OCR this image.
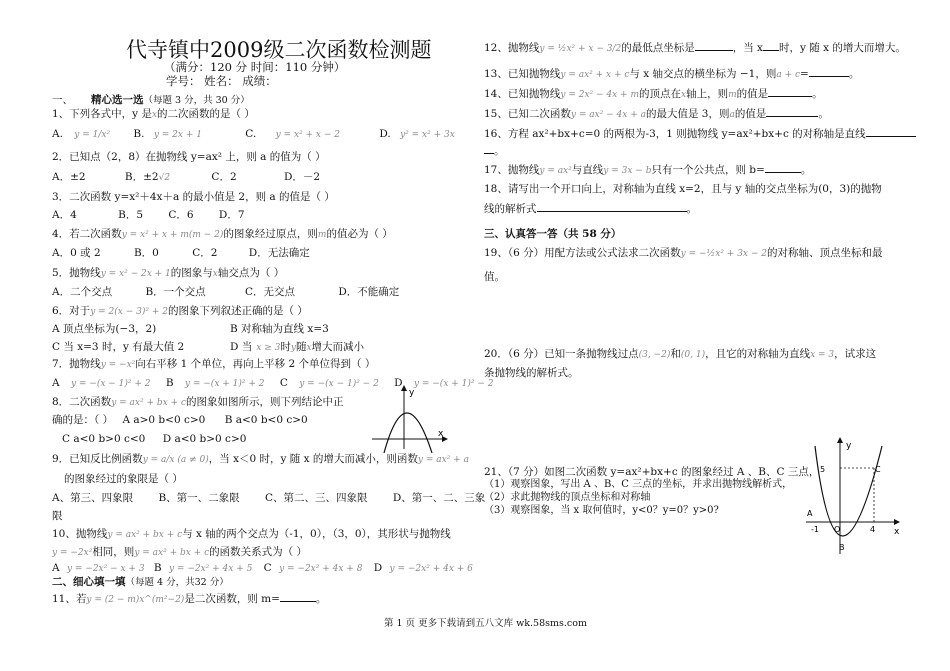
代寺镇中2009级二次函数检测题
（满分：120 分 时间：110 分钟）
学号： 姓名： 成绩：
一、 精心选一选（每题 3 分，共 30 分）
1、下列各式中，y 是x的二次函数的是（ ）
A. y = 1/x² B. y = 2x + 1	C. y = x² + x − 2	D. y² = x² + 3x
2．已知点（2，8）在抛物线 y=ax² 上，则 a 的值为（ ）
A．±2	B．±2√2	C．2	D．－2
3．二次函数 y=x²＋4x＋a 的最小值是 2，则 a 的值是（ ）
A．4	B．5 C．6 D．7
4．若二次函数y = x² + x + m(m − 2)的图象经过原点，则m的值必为（ ）
A．0 或 2	B．0	C．2	D．无法确定
5．抛物线y = x² − 2x + 1的图象与x轴交点为（ ）
A．二个交点	B．一个交点	C．无交点	D．不能确定
6．对于y = 2(x − 3)² + 2的图象下列叙述正确的是（ ）
A 顶点坐标为(−3，2)	B 对称轴为直线 x=3
C 当 x=3 时，y 有最大值 2	D 当 x ≥ 3时y随x增大而减小
7．抛物线y = −x²向右平移 1 个单位，再向上平移 2 个单位得到（ ）
A y = −(x − 1)² + 2 B y = −(x + 1)² + 2 C y = −(x − 1)² − 2 D y = −(x + 1)² − 2
8．二次函数y = ax² + bx + c的图象如图所示，则下列结论中正
确的是：（ ） A a>0 b<0 c>0 B a<0 b<0 c>0
C a<0 b>0 c<0 D a<0 b>0 c>0
y
x
9．已知反比例函数y = a/x (a ≠ 0)，当 x＜0 时，y 随 x 的增大而减小，则函数y = ax² + a
的图象经过的象限是（ ）
A、第三、四象限 B、第一、二象限 C、第二、三、四象限 D、第一、二、三象
限
10、抛物线y = ax² + bx + c与 x 轴的两个交点为（-1，0），（3，0），其形状与抛物线
y = −2x²相同，则y = ax² + bx + c的函数关系式为（ ）
A y = −2x² − x + 3 B y = −2x² + 4x + 5 C y = −2x² + 4x + 8 D y = −2x² + 4x + 6
二、细心填一填（每题 4 分，共32 分）
11、若y = (2 − m)x^(m²−2)是二次函数，则 m=	。
12、抛物线y = ½x² + x − 3/2的最低点坐标是	，当 x 时，y 随 x 的增大而增大。
13、已知抛物线y = ax² + x + c与 x 轴交点的横坐标为 −1，则a + c=	。
14、已知抛物线y = 2x² − 4x + m的顶点在x轴上，则m的值是	。
15、已知二次函数y = ax² − 4x + a的最大值是 3，则a的值是	。
16、方程 ax²+bx+c=0 的两根为-3，1 则抛物线 y=ax²+bx+c 的对称轴是直线
。
17、抛物线y = ax²与直线y = 3x − b只有一个公共点，则 b=	。
18、请写出一个开口向上，对称轴为直线 x=2，且与 y 轴的交点坐标为(0，3)的抛物
线的解析式	。
三、认真答一答（共 58 分）
19、（6 分）用配方法或公式法求二次函数y = −½x² + 3x − 2的对称轴、顶点坐标和最
值。
20．（6 分）已知一条抛物线过点(3, −2)和(0, 1)，且它的对称轴为直线x = 3，试求这
条抛物线的解析式。
21、（7 分）如图二次函数 y=ax²+bx+c 的图象经过 A 、B、C 三点，
（1）观察图象，写出 A 、B、C 三点的坐标，并求出抛物线解析式，
（2）求此抛物线的顶点坐标和对称轴
（3）观察图象，当 x 取何值时，y<0？y=0？y>0?
y
x
5	C
A
-1 O	4
B
第 1 页 更多下载请到五八文库 wk.58sms.com
